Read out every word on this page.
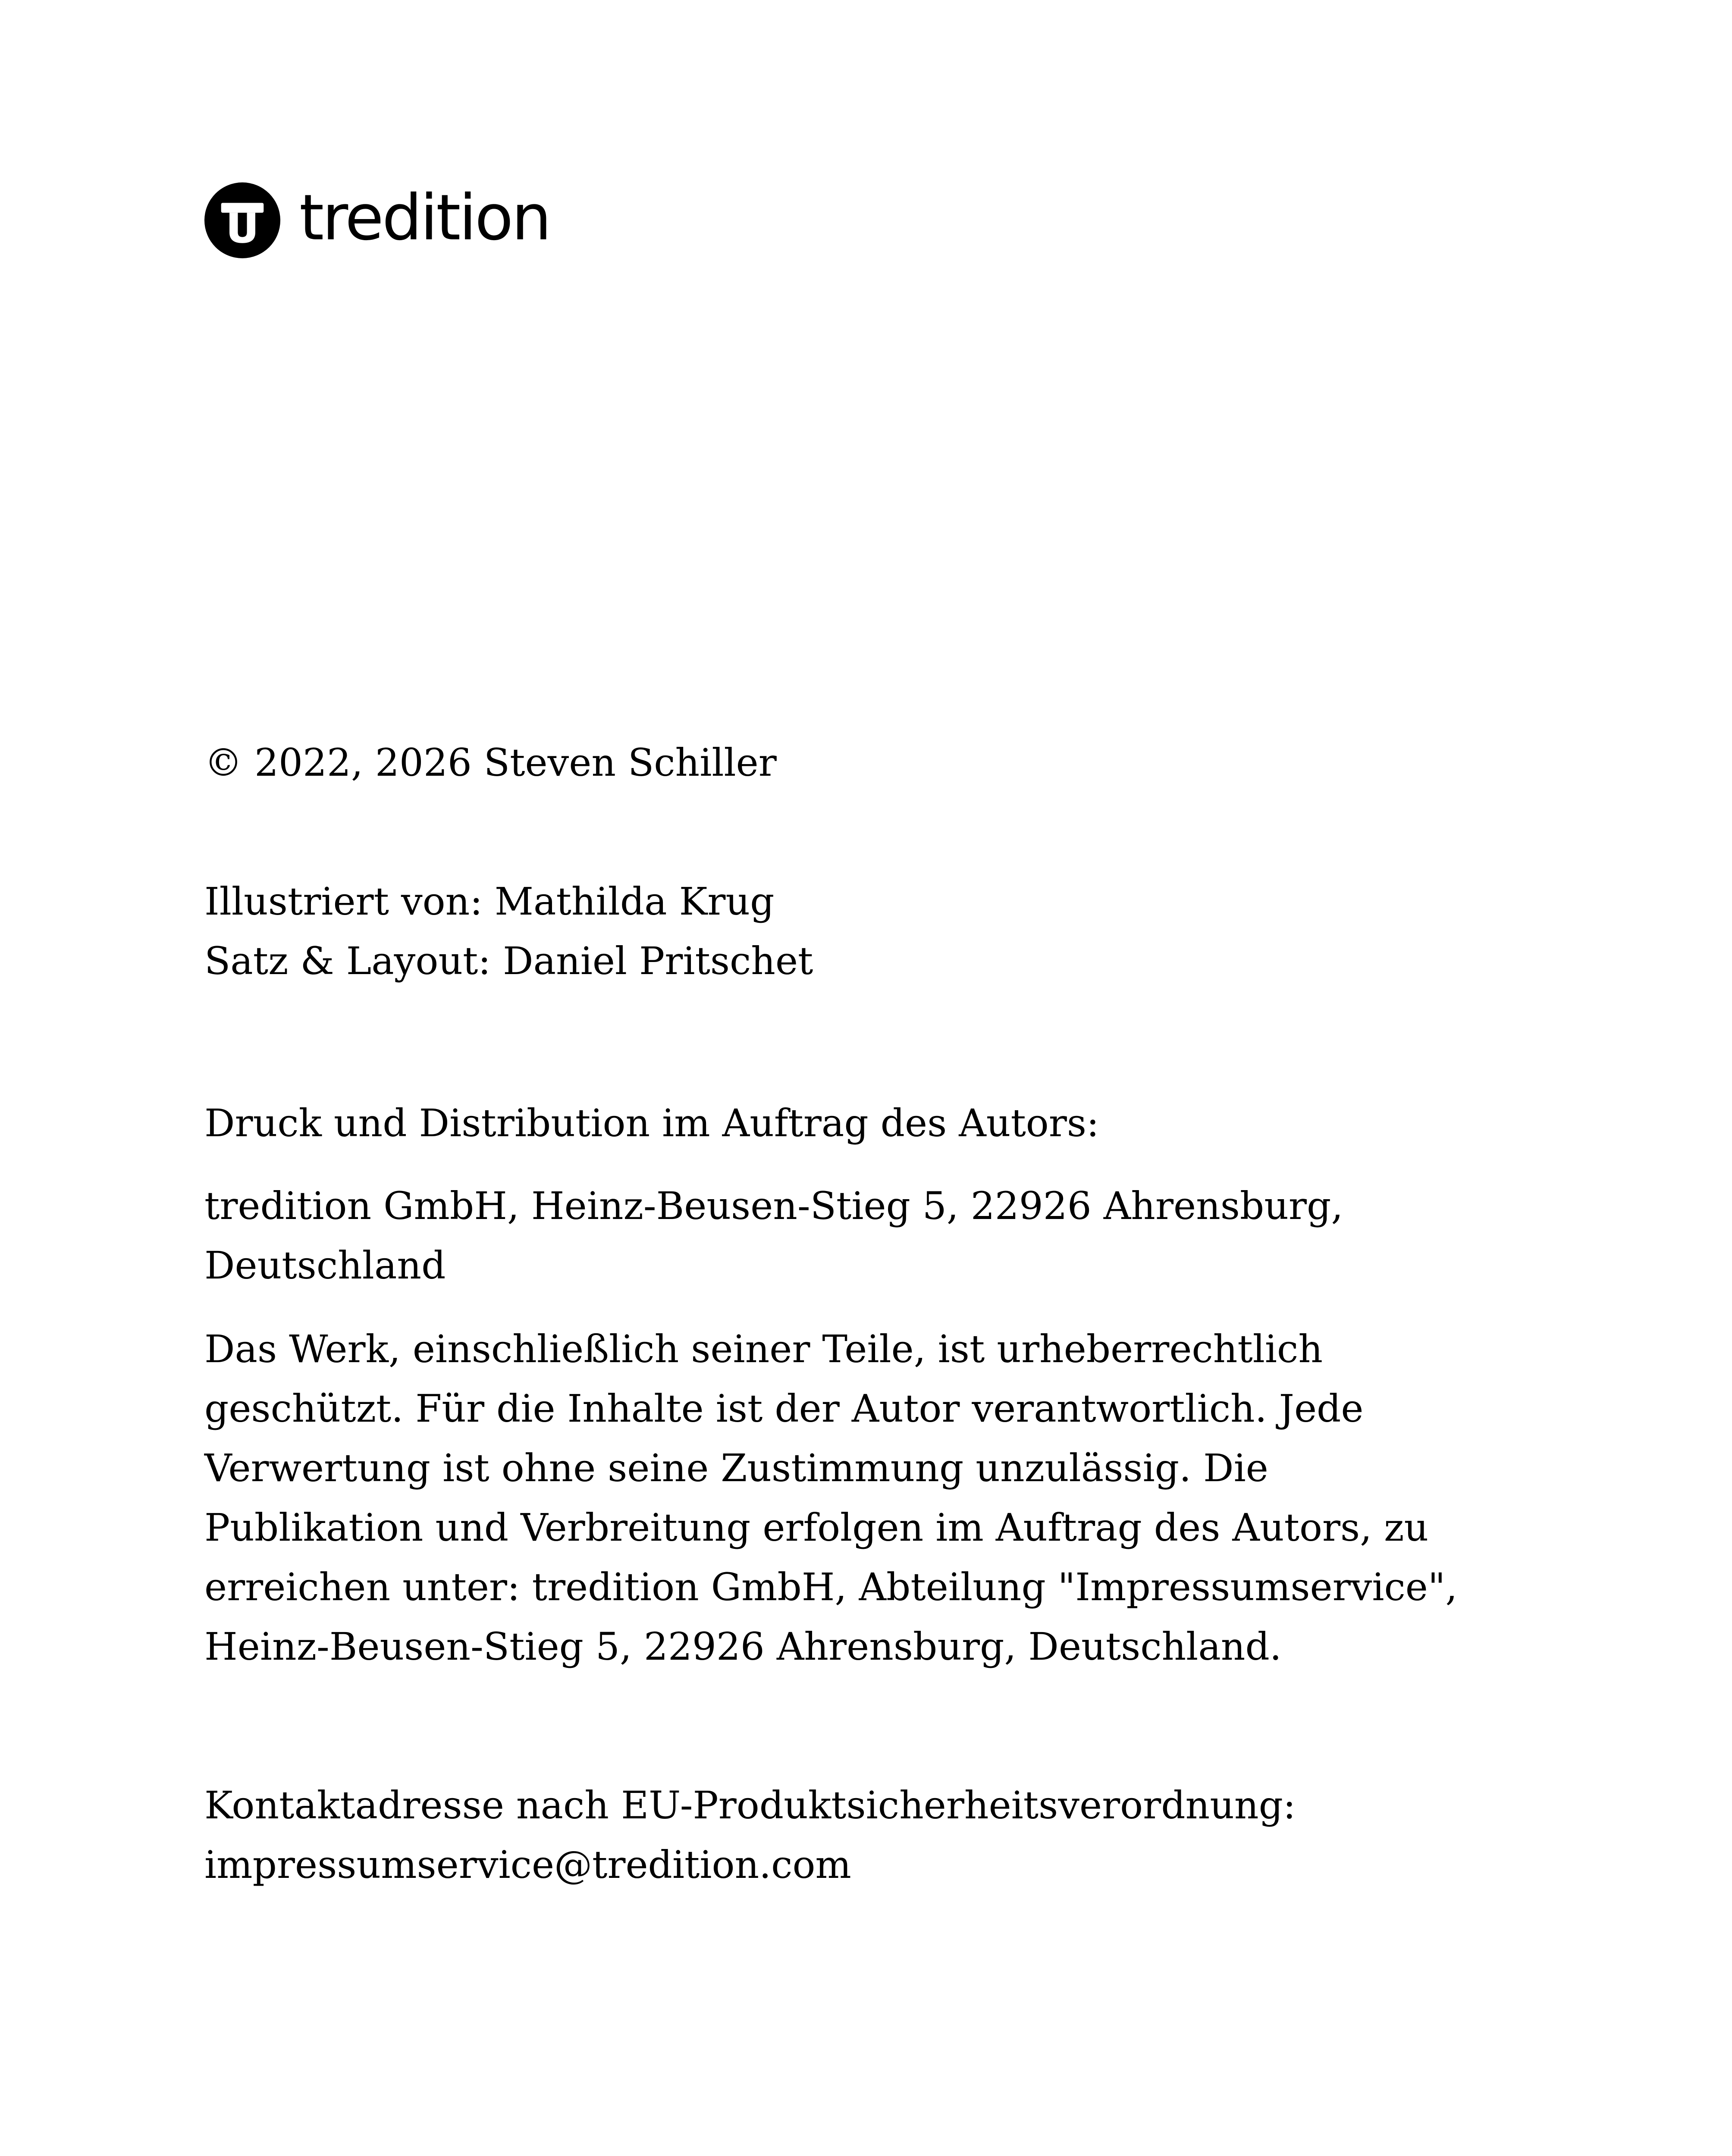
tredition

© 2022, 2026 Steven Schiller

Illustriert von: Mathilda Krug

Satz & Layout: Daniel Pritschet

Druck und Distribution im Auftrag des Autors:

tredition GmbH, Heinz-Beusen-Stieg 5, 22926 Ahrensburg,

Deutschland

Das Werk, einschließlich seiner Teile, ist urheberrechtlich

geschützt. Für die Inhalte ist der Autor verantwortlich. Jede

Verwertung ist ohne seine Zustimmung unzulässig. Die

Publikation und Verbreitung erfolgen im Auftrag des Autors, zu

erreichen unter: tredition GmbH, Abteilung "Impressumservice",

Heinz-Beusen-Stieg 5, 22926 Ahrensburg, Deutschland.

Kontaktadresse nach EU-Produktsicherheitsverordnung:

impressumservice@tredition.com
